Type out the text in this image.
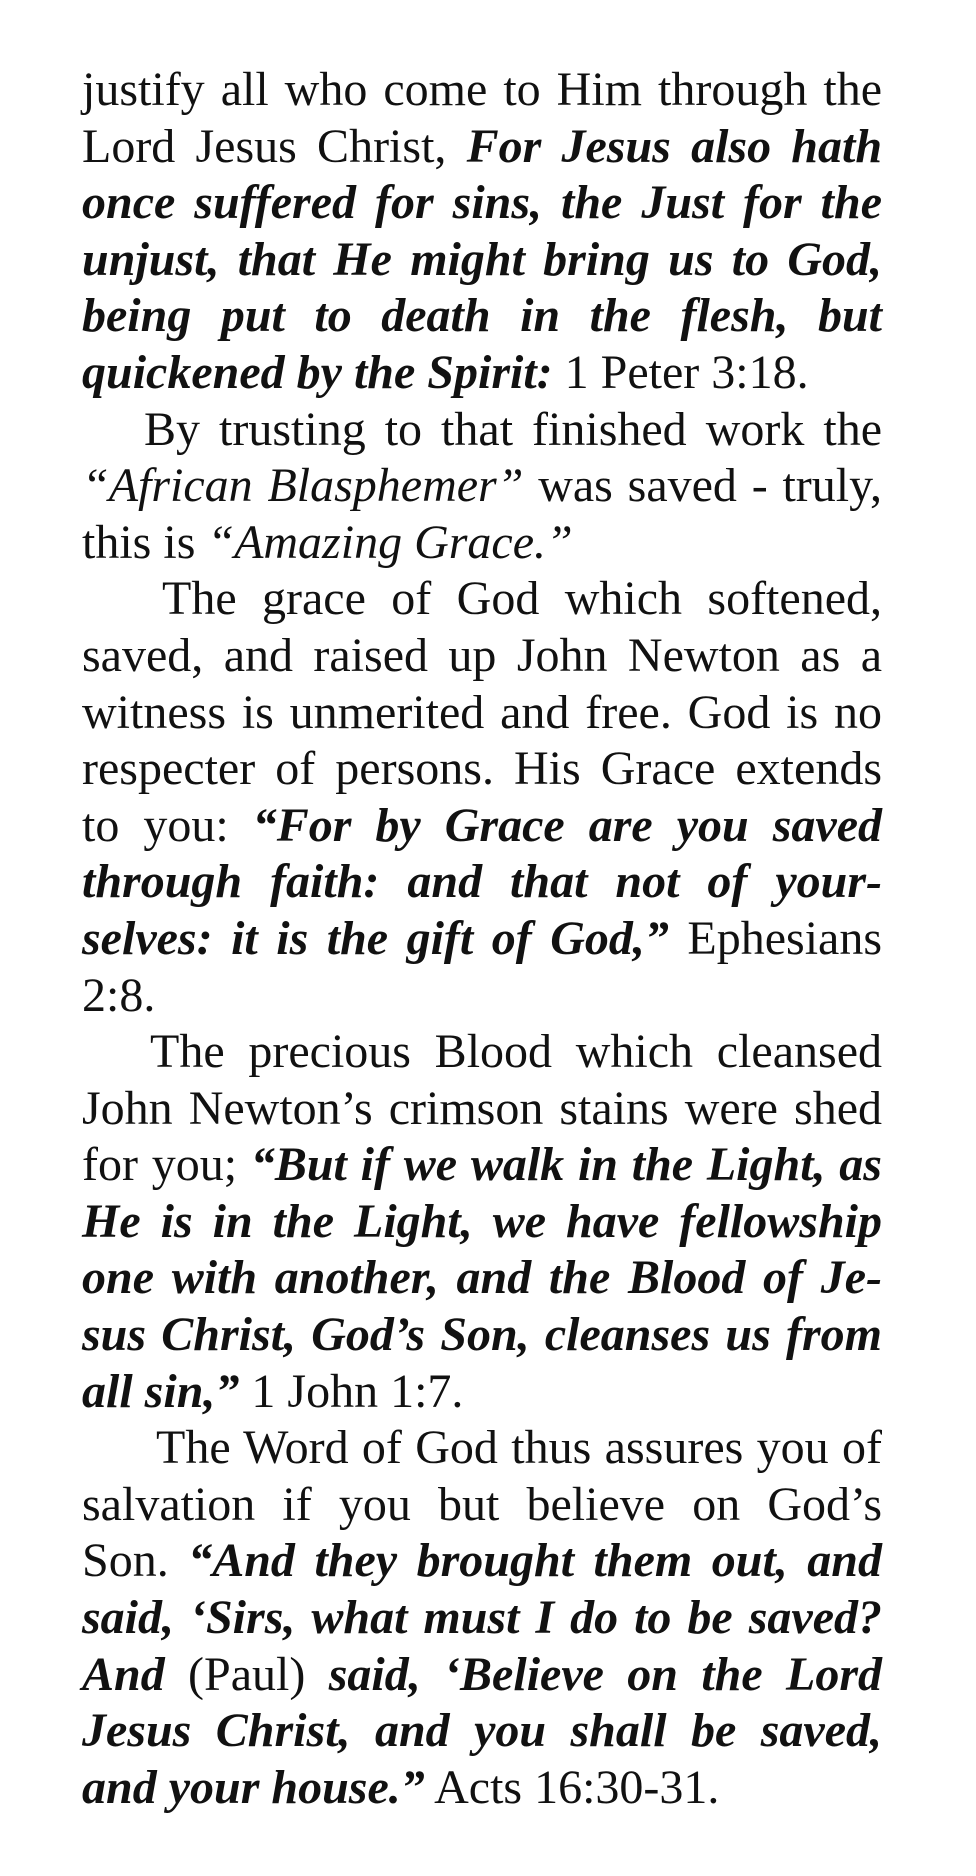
justify all who come to Him through the Lord Jesus Christ, For Jesus also hath once suffered for sins, the Just for the unjust, that He might bring us to God, being put to death in the flesh, but quickened by the Spirit: 1 Peter 3:18.

By trusting to that finished work the “African Blasphemer” was saved - truly, this is “Amazing Grace.”

The grace of God which softened, saved, and raised up John Newton as a witness is unmerited and free. God is no respecter of persons. His Grace extends to you: “For by Grace are you saved through faith: and that not of yourselves: it is the gift of God,” Ephesians 2:8.

The precious Blood which cleansed John Newton’s crimson stains were shed for you; “But if we walk in the Light, as He is in the Light, we have fellowship one with another, and the Blood of Jesus Christ, God’s Son, cleanses us from all sin,” 1 John 1:7.

The Word of God thus assures you of salvation if you but believe on God’s Son. “And they brought them out, and said, ‘Sirs, what must I do to be saved? And (Paul) said, ‘Believe on the Lord Jesus Christ, and you shall be saved, and your house.” Acts 16:30-31.
